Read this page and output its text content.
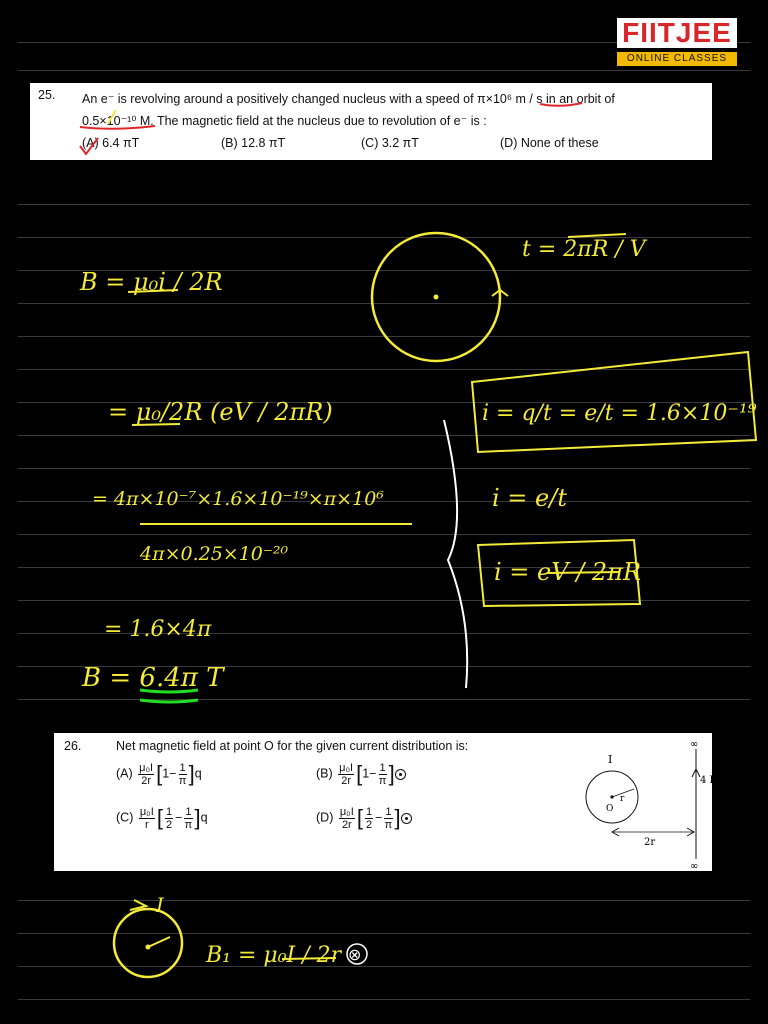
FIITJEE
ONLINE CLASSES
25. An e⁻ is revolving around a positively changed nucleus with a speed of π×10⁶ m / s in an orbit of
0.5×10⁻¹⁰ M. The magnetic field at the nucleus due to revolution of e⁻ is :
(A) 6.4 πT	(B) 12.8 πT	(C) 3.2 πT	(D) None of these
26.	Net magnetic field at point O for the given current distribution is:
$(A) \frac{\text{μ₀I}}{2r} [1- \frac{1}{\pi} ]q$	$(B) \frac{\text{μ₀I}}{2r} [1- \frac{1}{\pi}$ ]
$(C) \frac{\text{μ₀I}}{r}$ [ $\frac{1}{2} - \frac{1}{\pi} ]q$	$(D) \frac{\text{μ₀I}}{2r}$ [ $\frac{1}{2} - \frac{1}{\pi}$ ]
I
O
r
4 I
2r
∞
∞
B = μ₀i / 2R
= μ₀/2R (eV / 2πR)
= 4π×10⁻⁷×1.6×10⁻¹⁹×π×10⁶
4π×0.25×10⁻²⁰
= 1.6×4π
B = 6.4π T
t = 2πR / V
i = q/t = e/t = 1.6×10⁻¹⁹
i = e/t
i = eV / 2πR
I
B₁ = μ₀I / 2r ⊗
